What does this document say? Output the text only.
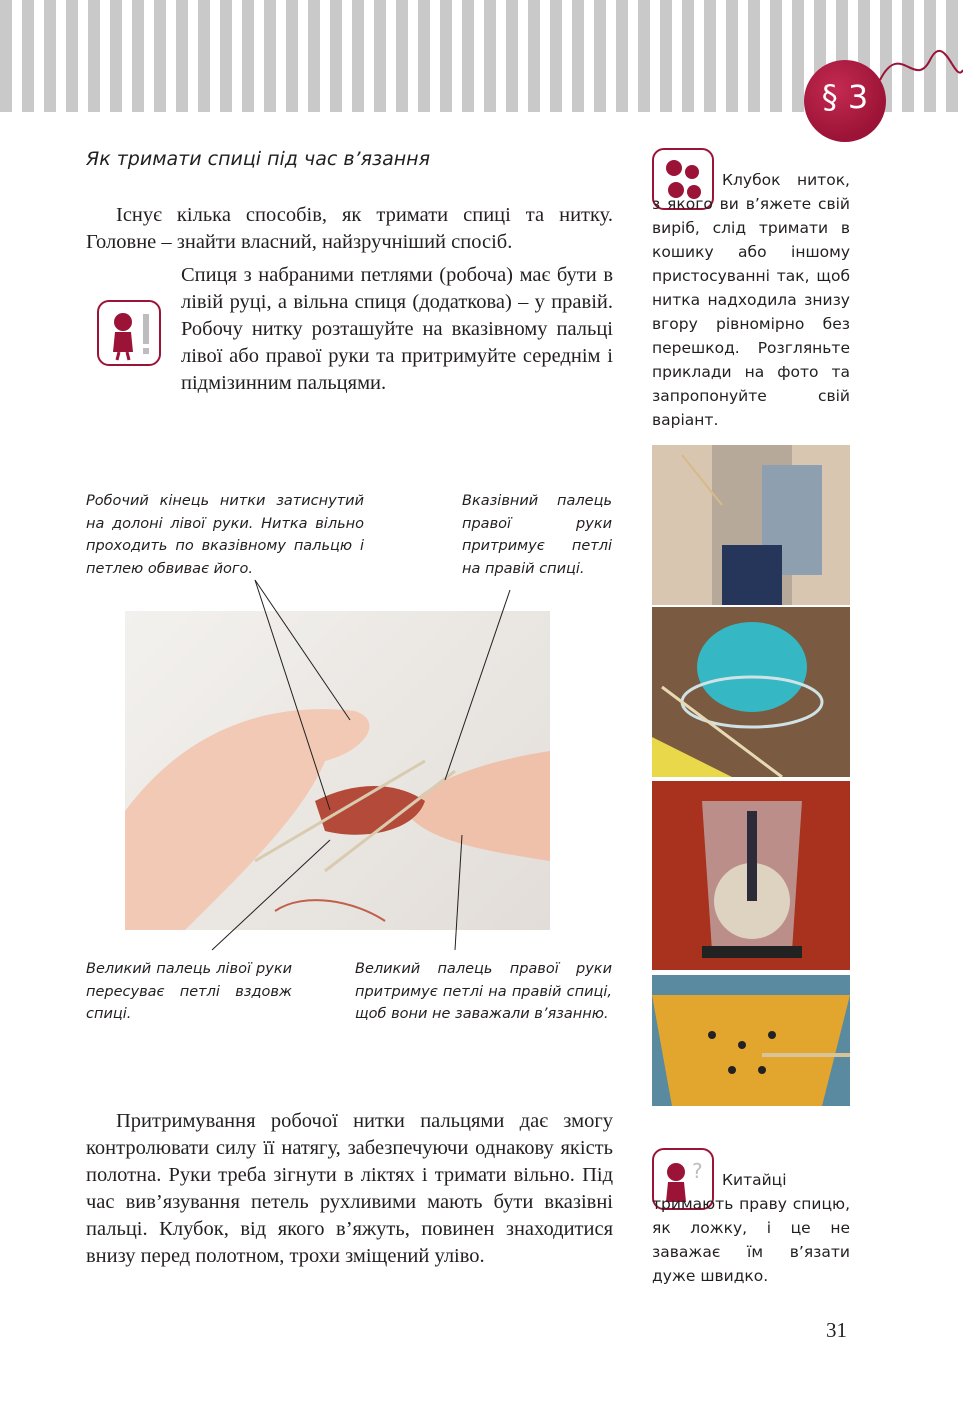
§ 3
Як тримати спиці під час в’язання
Існує кілька способів, як тримати спиці та нитку. Головне – знайти власний, найзручніший спосіб.
Спиця з набраними петлями (робоча) має бути в лівій руці, а вільна спиця (додаткова) – у правій. Робочу нитку розташуйте на вказівному пальці лівої або правої руки та притримуйте середнім і підмізинним пальцями.
Робочий кінець нитки затиснутий на долоні лівої руки. Нитка вільно проходить по вказівному пальцю і петлею обвиває його.
Вказівний палець правої руки притримує петлі на правій спиці.
Великий палець лівої руки пересуває петлі вздовж спиці.
Великий палець правої руки притримує петлі на правій спиці, щоб вони не заважали в’язанню.
Притримування робочої нитки пальцями дає змогу контролювати силу її натягу, забезпечуючи однакову якість полотна. Руки треба зігнути в ліктях і тримати вільно. Під час вив’язування петель рухливими мають бути вказівні пальці. Клубок, від якого в’яжуть, повинен знаходитися внизу перед полотном, трохи зміщений уліво.
Клубок ниток, з якого ви в’яжете свій виріб, слід тримати в кошику або іншому пристосуванні так, щоб нитка надходила знизу вгору рівномірно без перешкод. Розгляньте приклади на фото та запропонуйте свій варіант.
?	Китайці тримають праву спицю, як ложку, і це не заважає їм в’язати дуже швидко.
31
